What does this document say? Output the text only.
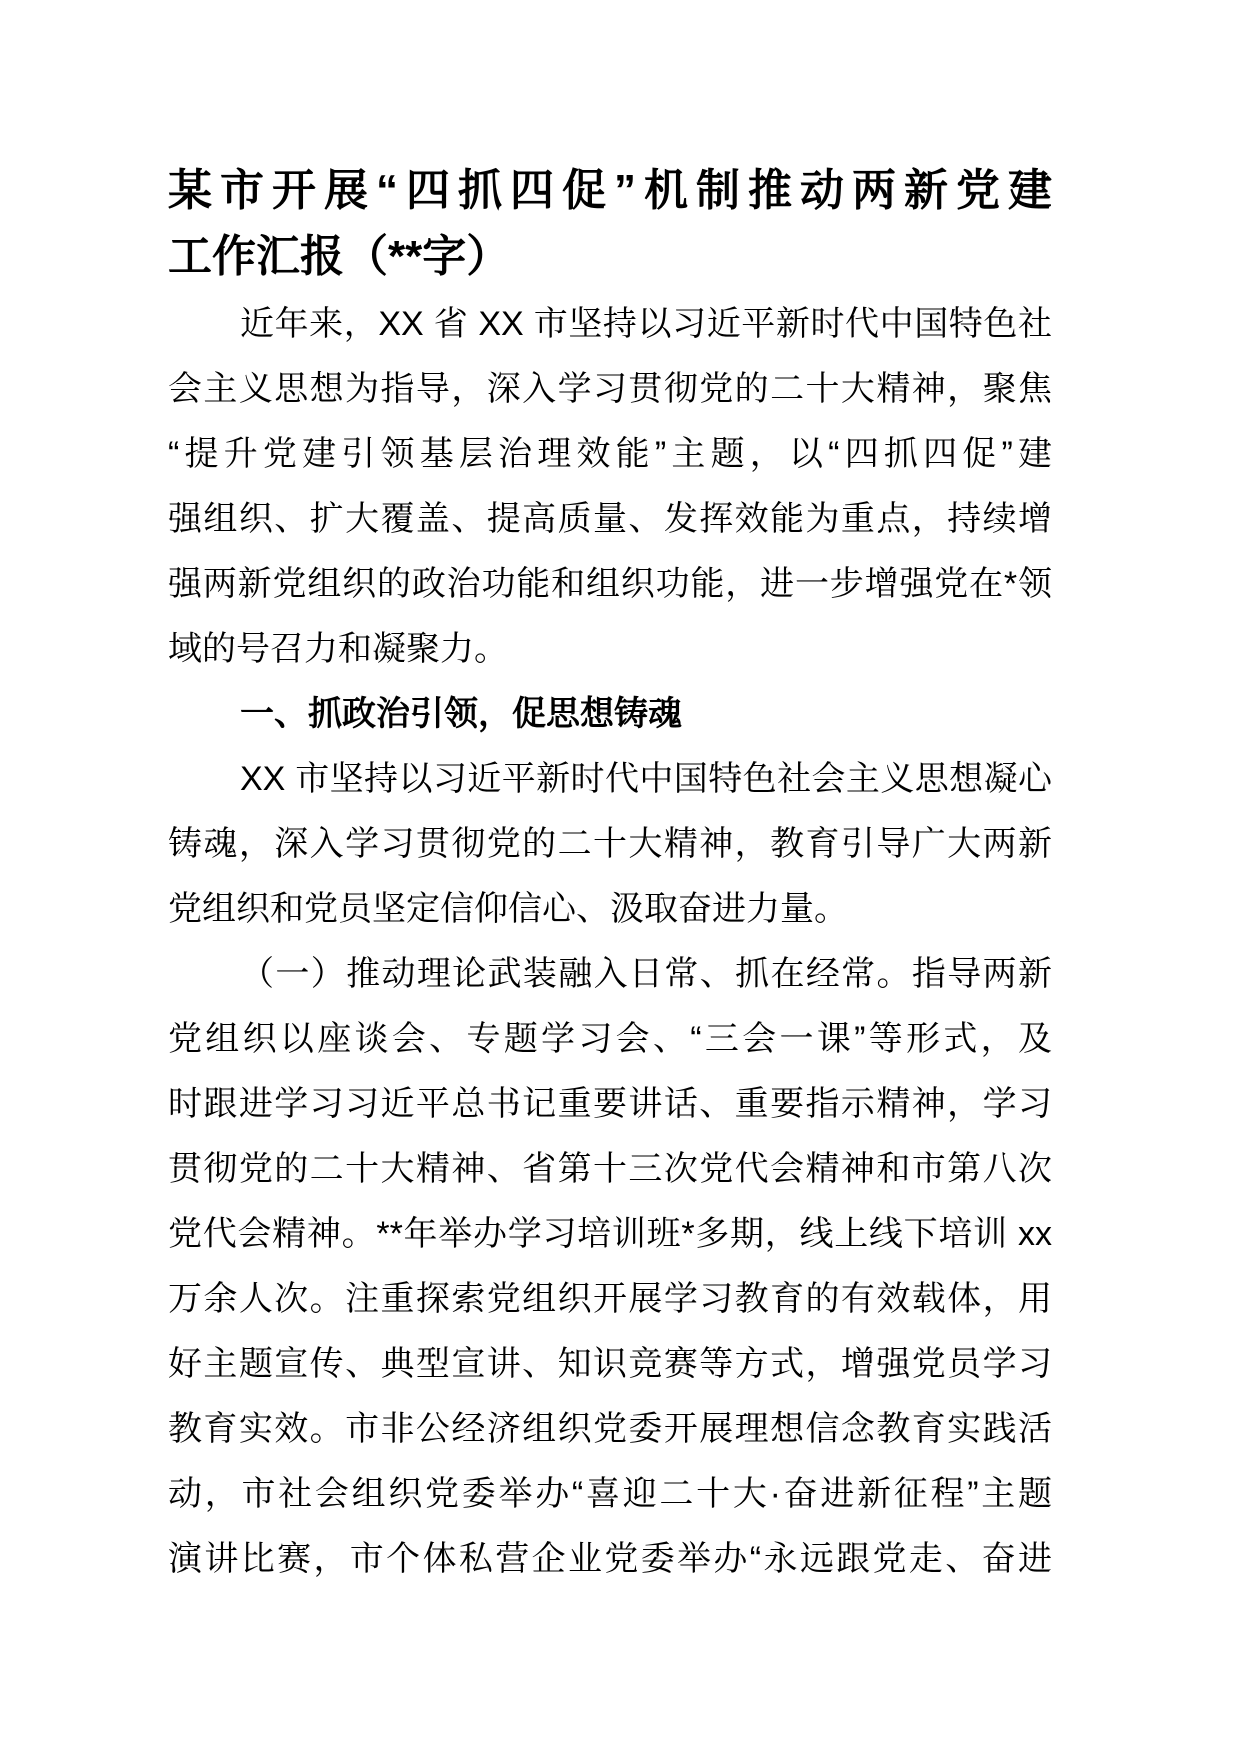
某市开展“四抓四促”机制推动两新党建
工作汇报（**字）
近年来，XX 省 XX 市坚持以习近平新时代中国特色社
会主义思想为指导，深入学习贯彻党的二十大精神，聚焦
“提升党建引领基层治理效能”主题，以“四抓四促”建
强组织、扩大覆盖、提高质量、发挥效能为重点，持续增
强两新党组织的政治功能和组织功能，进一步增强党在*领
域的号召力和凝聚力。
一、抓政治引领，促思想铸魂
XX 市坚持以习近平新时代中国特色社会主义思想凝心
铸魂，深入学习贯彻党的二十大精神，教育引导广大两新
党组织和党员坚定信仰信心、汲取奋进力量。
（一）推动理论武装融入日常、抓在经常。指导两新
党组织以座谈会、专题学习会、“三会一课”等形式，及
时跟进学习习近平总书记重要讲话、重要指示精神，学习
贯彻党的二十大精神、省第十三次党代会精神和市第八次
党代会精神。**年举办学习培训班*多期，线上线下培训 xx
万余人次。注重探索党组织开展学习教育的有效载体，用
好主题宣传、典型宣讲、知识竞赛等方式，增强党员学习
教育实效。市非公经济组织党委开展理想信念教育实践活
动，市社会组织党委举办“喜迎二十大·奋进新征程”主题
演讲比赛，市个体私营企业党委举办“永远跟党走、奋进
